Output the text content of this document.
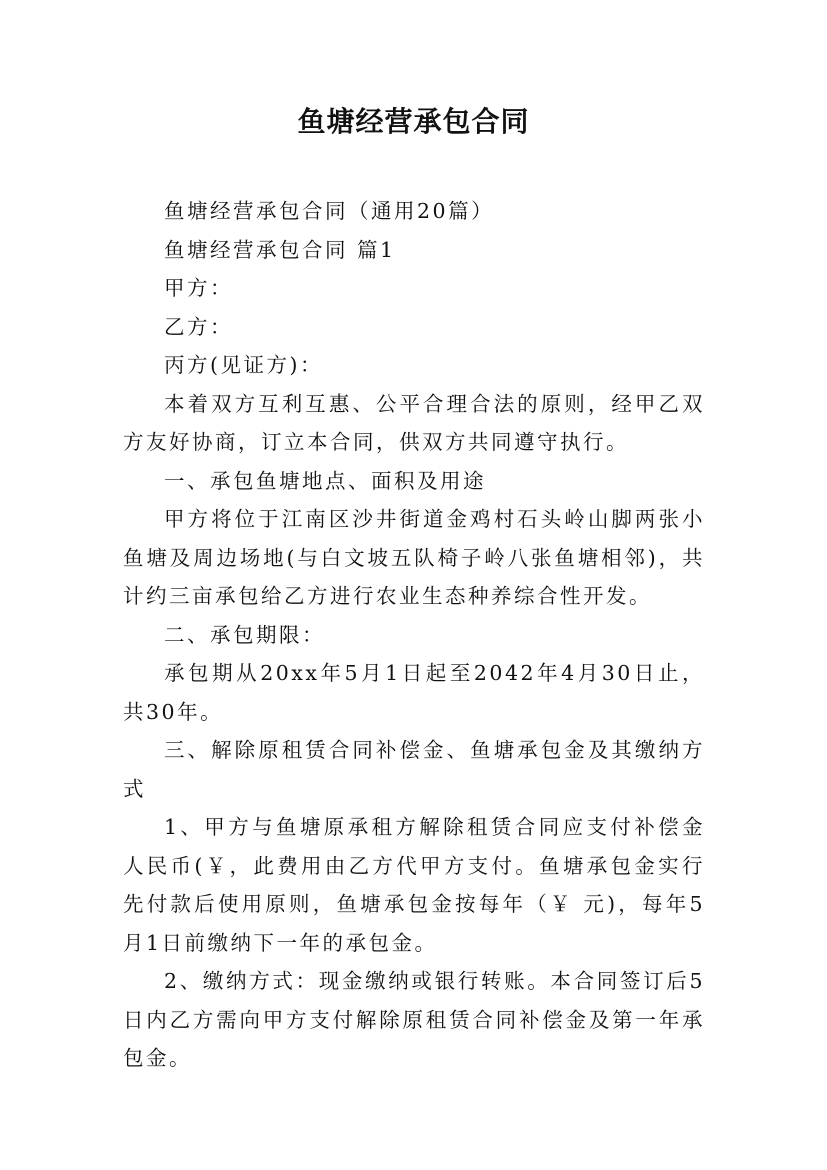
鱼塘经营承包合同

鱼塘经营承包合同（通用20篇）

鱼塘经营承包合同 篇1

甲方：

乙方：

丙方(见证方)：

本着双方互利互惠、公平合理合法的原则，经甲乙双方友好协商，订立本合同，供双方共同遵守执行。

一、承包鱼塘地点、面积及用途

甲方将位于江南区沙井街道金鸡村石头岭山脚两张小鱼塘及周边场地(与白文坡五队椅子岭八张鱼塘相邻)，共计约三亩承包给乙方进行农业生态种养综合性开发。

二、承包期限：

承包期从20xx年5月1日起至2042年4月30日止，共30年。

三、解除原租赁合同补偿金、鱼塘承包金及其缴纳方式

1、甲方与鱼塘原承租方解除租赁合同应支付补偿金人民币(￥，此费用由乙方代甲方支付。鱼塘承包金实行先付款后使用原则，鱼塘承包金按每年（￥ 元)，每年5月1日前缴纳下一年的承包金。

2、缴纳方式：现金缴纳或银行转账。本合同签订后5日内乙方需向甲方支付解除原租赁合同补偿金及第一年承包金。
